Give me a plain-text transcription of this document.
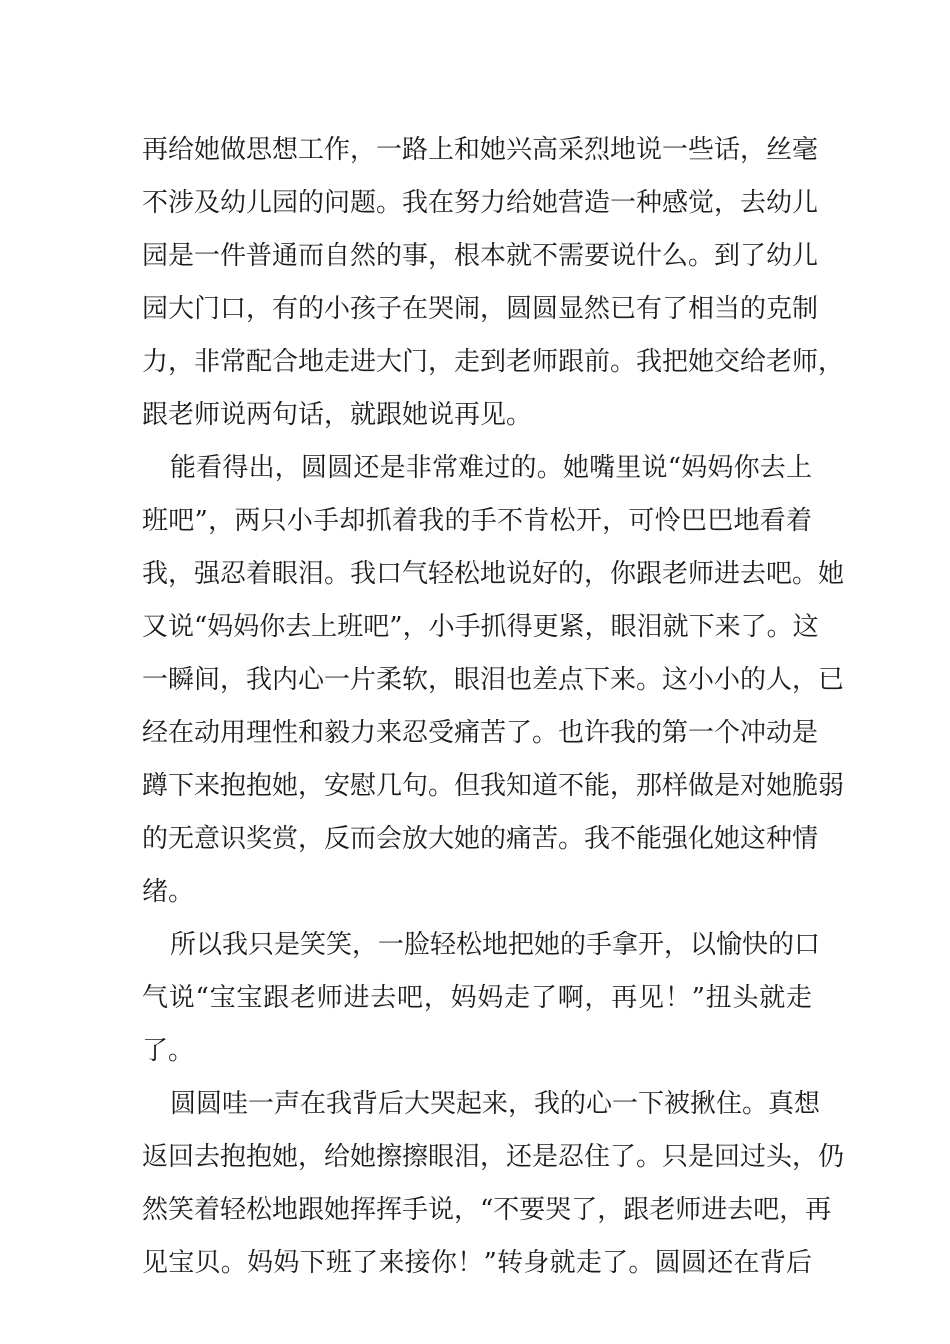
再给她做思想工作，一路上和她兴高采烈地说一些话，丝毫
不涉及幼儿园的问题。我在努力给她营造一种感觉，去幼儿
园是一件普通而自然的事，根本就不需要说什么。到了幼儿
园大门口，有的小孩子在哭闹，圆圆显然已有了相当的克制
力，非常配合地走进大门，走到老师跟前。我把她交给老师，
跟老师说两句话，就跟她说再见。
能看得出，圆圆还是非常难过的。她嘴里说“妈妈你去上
班吧”，两只小手却抓着我的手不肯松开，可怜巴巴地看着
我，强忍着眼泪。我口气轻松地说好的，你跟老师进去吧。她
又说“妈妈你去上班吧”，小手抓得更紧，眼泪就下来了。这
一瞬间，我内心一片柔软，眼泪也差点下来。这小小的人，已
经在动用理性和毅力来忍受痛苦了。也许我的第一个冲动是
蹲下来抱抱她，安慰几句。但我知道不能，那样做是对她脆弱
的无意识奖赏，反而会放大她的痛苦。我不能强化她这种情
绪。
所以我只是笑笑，一脸轻松地把她的手拿开，以愉快的口
气说“宝宝跟老师进去吧，妈妈走了啊，再见！”扭头就走
了。
圆圆哇一声在我背后大哭起来，我的心一下被揪住。真想
返回去抱抱她，给她擦擦眼泪，还是忍住了。只是回过头，仍
然笑着轻松地跟她挥挥手说，“不要哭了，跟老师进去吧，再
见宝贝。妈妈下班了来接你！”转身就走了。圆圆还在背后
